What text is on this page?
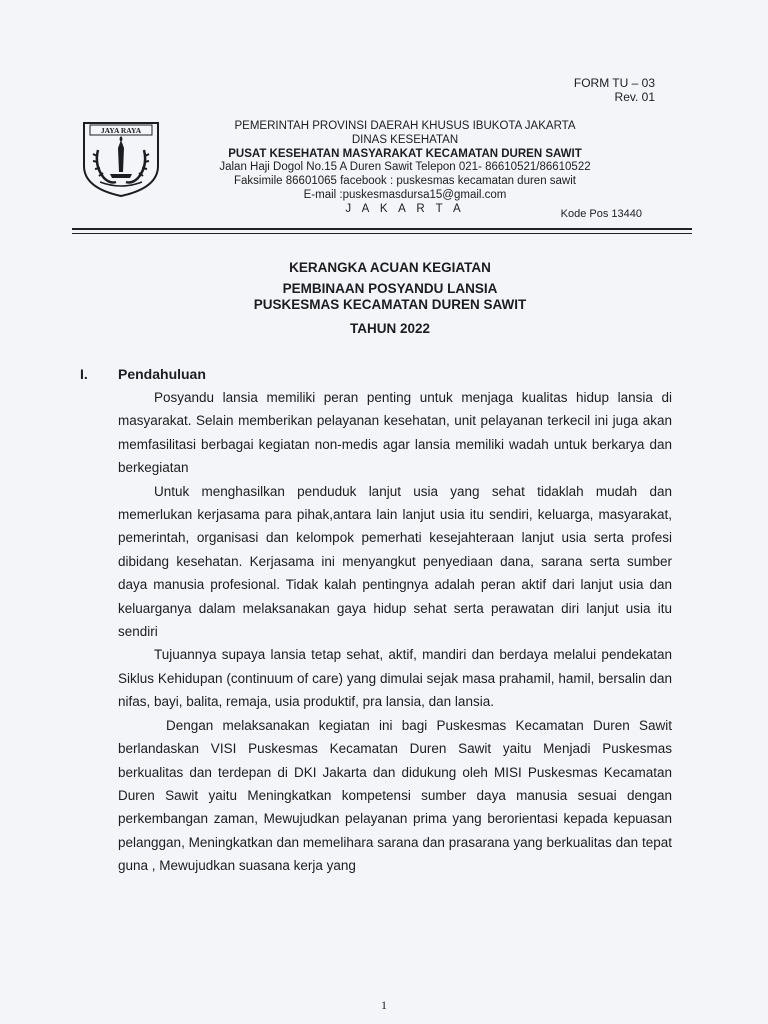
FORM TU – 03
Rev. 01
JAYA RAYA	PEMERINTAH PROVINSI DAERAH KHUSUS IBUKOTA JAKARTA
DINAS KESEHATAN
PUSAT KESEHATAN MASYARAKAT KECAMATAN DUREN SAWIT
Jalan Haji Dogol No.15 A Duren Sawit Telepon 021- 86610521/86610522
Faksimile 86601065 facebook : puskesmas kecamatan duren sawit
E-mail :puskesmasdursa15@gmail.com
J A K A R T A	Kode Pos 13440
KERANGKA ACUAN KEGIATAN
PEMBINAAN POSYANDU LANSIA
PUSKESMAS KECAMATAN DUREN SAWIT
TAHUN 2022
I. Pendahuluan

Posyandu lansia memiliki peran penting untuk menjaga kualitas hidup lansia di masyarakat. Selain memberikan pelayanan kesehatan, unit pelayanan terkecil ini juga akan memfasilitasi berbagai kegiatan non-medis agar lansia memiliki wadah untuk berkarya dan berkegiatan

Untuk menghasilkan penduduk lanjut usia yang sehat tidaklah mudah dan memerlukan kerjasama para pihak,antara lain lanjut usia itu sendiri, keluarga, masyarakat, pemerintah, organisasi dan kelompok pemerhati kesejahteraan lanjut usia serta profesi dibidang kesehatan. Kerjasama ini menyangkut penyediaan dana, sarana serta sumber daya manusia profesional. Tidak kalah pentingnya adalah peran aktif dari lanjut usia dan keluarganya dalam melaksanakan gaya hidup sehat serta perawatan diri lanjut usia itu sendiri

Tujuannya supaya lansia tetap sehat, aktif, mandiri dan berdaya melalui pendekatan Siklus Kehidupan (continuum of care) yang dimulai sejak masa prahamil, hamil, bersalin dan nifas, bayi, balita, remaja, usia produktif, pra lansia, dan lansia.

Dengan melaksanakan kegiatan ini bagi Puskesmas Kecamatan Duren Sawit berlandaskan VISI Puskesmas Kecamatan Duren Sawit yaitu Menjadi Puskesmas berkualitas dan terdepan di DKI Jakarta dan didukung oleh MISI Puskesmas Kecamatan Duren Sawit yaitu Meningkatkan kompetensi sumber daya manusia sesuai dengan perkembangan zaman, Mewujudkan pelayanan prima yang berorientasi kepada kepuasan pelanggan, Meningkatkan dan memelihara sarana dan prasarana yang berkualitas dan tepat guna , Mewujudkan suasana kerja yang

1
